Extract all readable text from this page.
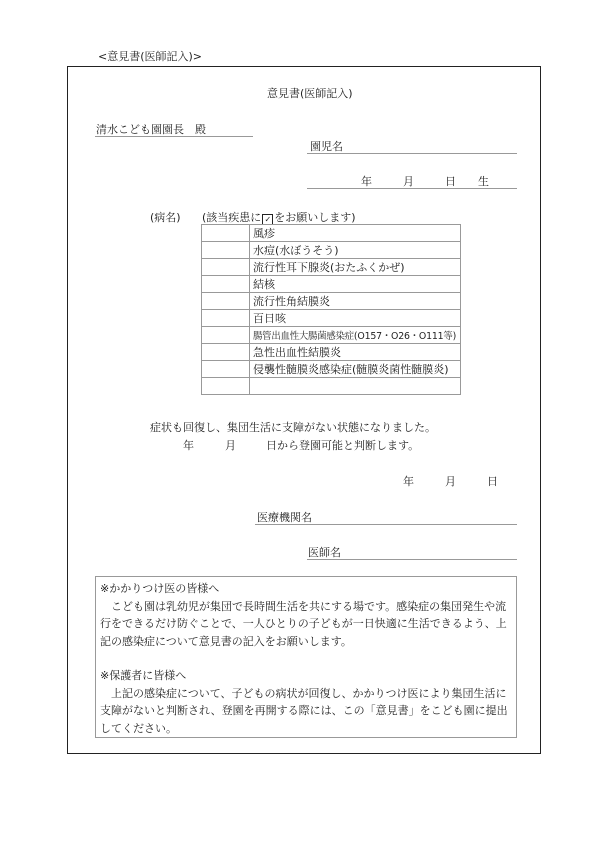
<意見書(医師記入)>
意見書(医師記入)
清水こども園園長　殿
園児名
年	月	日 生
(病名) (該当疾患に ✓ をお願いします)
	風疹
	水痘(水ぼうそう)
	流行性耳下腺炎(おたふくかぜ)
	結核
	流行性角結膜炎
	百日咳
	腸管出血性大腸菌感染症(O157・O26・O111等)
	急性出血性結膜炎
	侵襲性髄膜炎感染症(髄膜炎菌性髄膜炎)

症状も回復し、集団生活に支障がない状態になりました。
年	月	日から登園可能と判断します。
年	月	日
医療機関名
医師名

※かかりつけ医の皆様へ

こども園は乳幼児が集団で長時間生活を共にする場です。感染症の集団発生や流行をできるだけ防ぐことで、一人ひとりの子どもが一日快適に生活できるよう、上記の感染症について意見書の記入をお願いします。

※保護者に皆様へ

上記の感染症について、子どもの病状が回復し、かかりつけ医により集団生活に支障がないと判断され、登園を再開する際には、この「意見書」をこども園に提出してください。
